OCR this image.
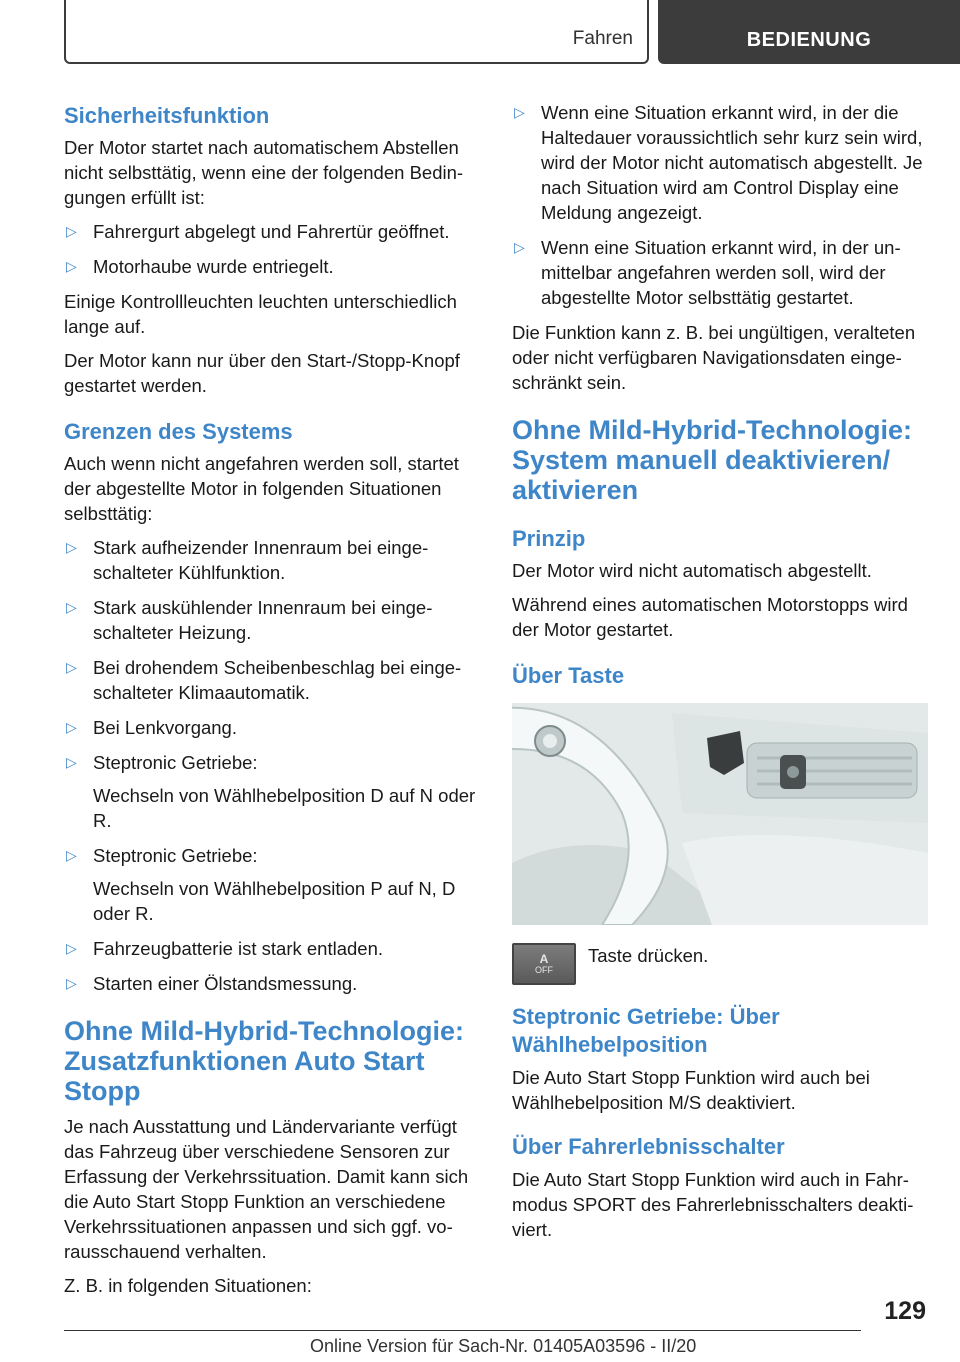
Fahren	BEDIENUNG
Sicherheitsfunktion

Der Motor startet nach automatischem Abstellen nicht selbsttätig, wenn eine der folgenden Bedingungen erfüllt ist:

▷ Fahrergurt abgelegt und Fahrertür geöffnet.
▷ Motorhaube wurde entriegelt.

Einige Kontrollleuchten leuchten unterschiedlich lange auf.

Der Motor kann nur über den Start-/Stopp-Knopf gestartet werden.

Grenzen des Systems

Auch wenn nicht angefahren werden soll, startet der abgestellte Motor in folgenden Situationen selbsttätig:

▷ Stark aufheizender Innenraum bei eingeschalteter Kühlfunktion.
▷ Stark auskühlender Innenraum bei eingeschalteter Heizung.
▷ Bei drohendem Scheibenbeschlag bei eingeschalteter Klimaautomatik.
▷ Bei Lenkvorgang.
▷ Steptronic Getriebe:
Wechseln von Wählhebelposition D auf N oder R.
▷ Steptronic Getriebe:
Wechseln von Wählhebelposition P auf N, D oder R.
▷ Fahrzeugbatterie ist stark entladen.
▷ Starten einer Ölstandsmessung.
Ohne Mild-Hybrid-Technologie: Zusatzfunktionen Auto Start Stopp

Je nach Ausstattung und Ländervariante verfügt das Fahrzeug über verschiedene Sensoren zur Erfassung der Verkehrssituation. Damit kann sich die Auto Start Stopp Funktion an verschiedene Verkehrssituationen anpassen und sich ggf. vorausschauend verhalten.

Z. B. in folgenden Situationen:

▷ Wenn eine Situation erkannt wird, in der die Haltedauer voraussichtlich sehr kurz sein wird, wird der Motor nicht automatisch abgestellt. Je nach Situation wird am Control Display eine Meldung angezeigt.
▷ Wenn eine Situation erkannt wird, in der unmittelbar angefahren werden soll, wird der abgestellte Motor selbsttätig gestartet.

Die Funktion kann z. B. bei ungültigen, veralteten oder nicht verfügbaren Navigationsdaten eingeschränkt sein.

Ohne Mild-Hybrid-Technologie: System manuell deaktivieren/ aktivieren
Prinzip

Der Motor wird nicht automatisch abgestellt.

Während eines automatischen Motorstopps wird der Motor gestartet.

Über Taste
A
OFF

Taste drücken.

Steptronic Getriebe: Über Wählhebelposition

Die Auto Start Stopp Funktion wird auch bei Wählhebelposition M/S deaktiviert.

Über Fahrerlebnisschalter

Die Auto Start Stopp Funktion wird auch in Fahrmodus SPORT des Fahrerlebnisschalters deaktiviert.

129
Online Version für Sach-Nr. 01405A03596 - II/20
